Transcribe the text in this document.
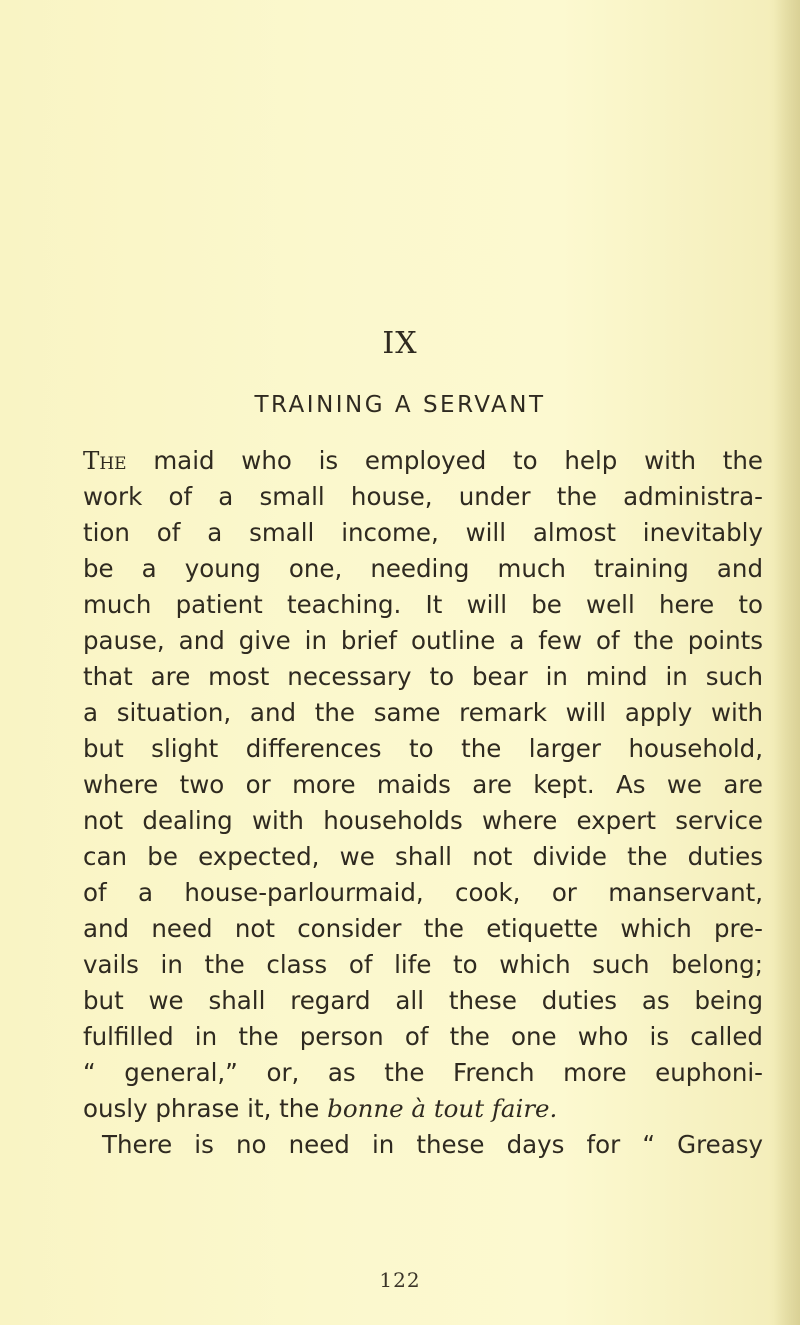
IX
TRAINING A SERVANT
The maid who is employed to help with the
work of a small house, under the administra-
tion of a small income, will almost inevitably
be a young one, needing much training and
much patient teaching. It will be well here to
pause, and give in brief outline a few of the points
that are most necessary to bear in mind in such
a situation, and the same remark will apply with
but slight differences to the larger household,
where two or more maids are kept. As we are
not dealing with households where expert service
can be expected, we shall not divide the duties
of a house-parlourmaid, cook, or manservant,
and need not consider the etiquette which pre-
vails in the class of life to which such belong;
but we shall regard all these duties as being
fulfilled in the person of the one who is called
“ general,” or, as the French more euphoni-
ously phrase it, the bonne à tout faire.
There is no need in these days for “ Greasy
122
